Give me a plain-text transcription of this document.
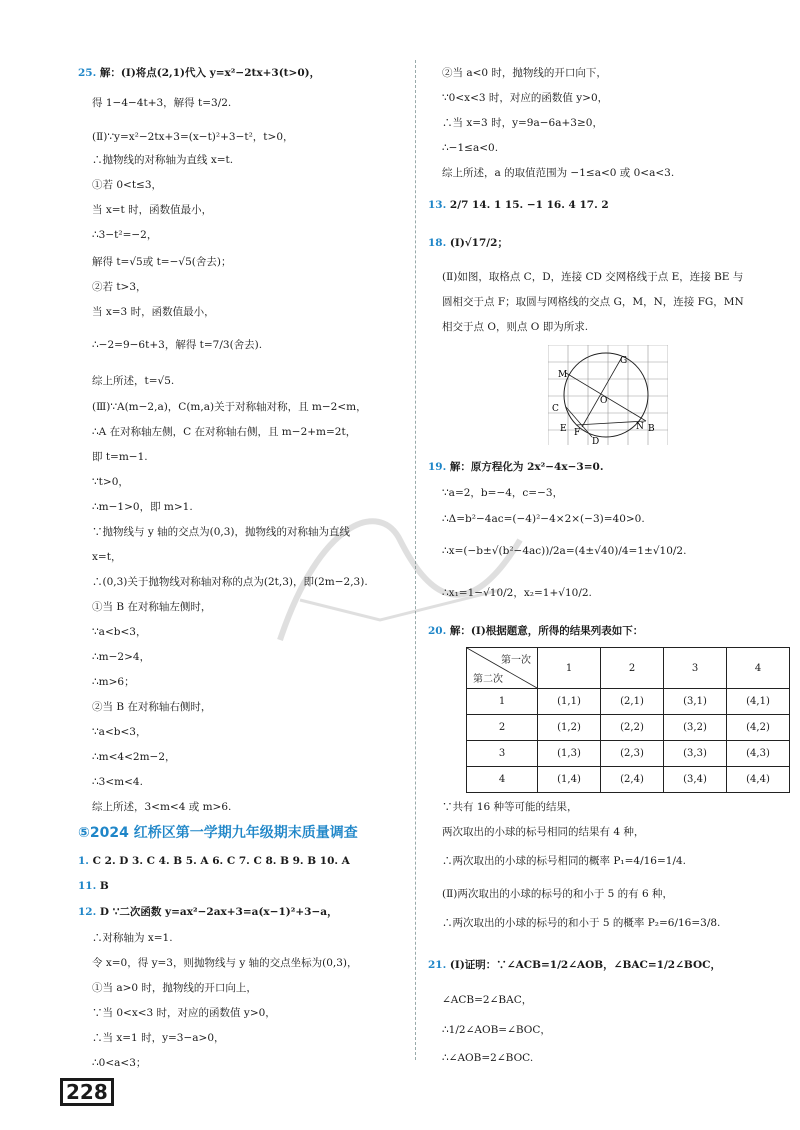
25. 解：(Ⅰ)将点(2,1)代入 y=x²−2tx+3(t>0)，
得 1−4−4t+3，解得 t=3/2.
(Ⅱ)∵y=x²−2tx+3=(x−t)²+3−t²，t>0，
∴抛物线的对称轴为直线 x=t.
①若 0<t≤3，
当 x=t 时，函数值最小，
∴3−t²=−2，
解得 t=√5或 t=−√5(舍去)；
②若 t>3，
当 x=3 时，函数值最小，
∴−2=9−6t+3，解得 t=7/3(舍去).
综上所述，t=√5.
(Ⅲ)∵A(m−2,a)，C(m,a)关于对称轴对称，且 m−2<m，
∴A 在对称轴左侧，C 在对称轴右侧，且 m−2+m=2t，
即 t=m−1.
∵t>0，
∴m−1>0，即 m>1.
∵抛物线与 y 轴的交点为(0,3)，抛物线的对称轴为直线
x=t，
∴(0,3)关于抛物线对称轴对称的点为(2t,3)，即(2m−2,3).
①当 B 在对称轴左侧时，
∵a<b<3，
∴m−2>4，
∴m>6；
②当 B 在对称轴右侧时，
∵a<b<3，
∴m<4<2m−2，
∴3<m<4.
综上所述，3<m<4 或 m>6.
1. C 2. D 3. C 4. B 5. A 6. C 7. C 8. B 9. B 10. A
11. B
12. D ∵二次函数 y=ax²−2ax+3=a(x−1)²+3−a，
∴对称轴为 x=1.
令 x=0，得 y=3，则抛物线与 y 轴的交点坐标为(0,3)，
①当 a>0 时，抛物线的开口向上，
∵当 0<x<3 时，对应的函数值 y>0，
∴当 x=1 时，y=3−a>0，
∴0<a<3；
②当 a<0 时，抛物线的开口向下，
∵0<x<3 时，对应的函数值 y>0，
∴当 x=3 时，y=9a−6a+3≥0，
∴−1≤a<0.
综上所述，a 的取值范围为 −1≤a<0 或 0<a<3.
13. 2/7 14. 1 15. −1 16. 4 17. 2
18. (Ⅰ)√17/2；
(Ⅱ)如图，取格点 C，D，连接 CD 交网格线于点 E，连接 BE 与
圆相交于点 F；取圆与网格线的交点 G，M，N，连接 FG，MN
相交于点 O，则点 O 即为所求.
19. 解：原方程化为 2x²−4x−3=0.
∵a=2，b=−4，c=−3，
∴Δ=b²−4ac=(−4)²−4×2×(−3)=40>0.
∴x=(−b±√(b²−4ac))/2a=(4±√40)/4=1±√10/2.
∴x₁=1−√10/2，x₂=1+√10/2.
20. 解：(Ⅰ)根据题意，所得的结果列表如下：
∵共有 16 种等可能的结果，
两次取出的小球的标号相同的结果有 4 种，
∴两次取出的小球的标号相同的概率 P₁=4/16=1/4.
(Ⅱ)两次取出的小球的标号的和小于 5 的有 6 种，
∴两次取出的小球的标号的和小于 5 的概率 P₂=6/16=3/8.
21. (Ⅰ)证明：∵∠ACB=1/2∠AOB，∠BAC=1/2∠BOC，
∠ACB=2∠BAC，
∴1/2∠AOB=∠BOC，
∴∠AOB=2∠BOC.
⑤2024 红桥区第一学期九年级期末质量调查
G
M
O
C
E F
N B
D
第一次
第二次	1	2	3	4
1	(1,1)	(2,1)	(3,1)	(4,1)
2	(1,2)	(2,2)	(3,2)	(4,2)
3	(1,3)	(2,3)	(3,3)	(4,3)
4	(1,4)	(2,4)	(3,4)	(4,4)
228
